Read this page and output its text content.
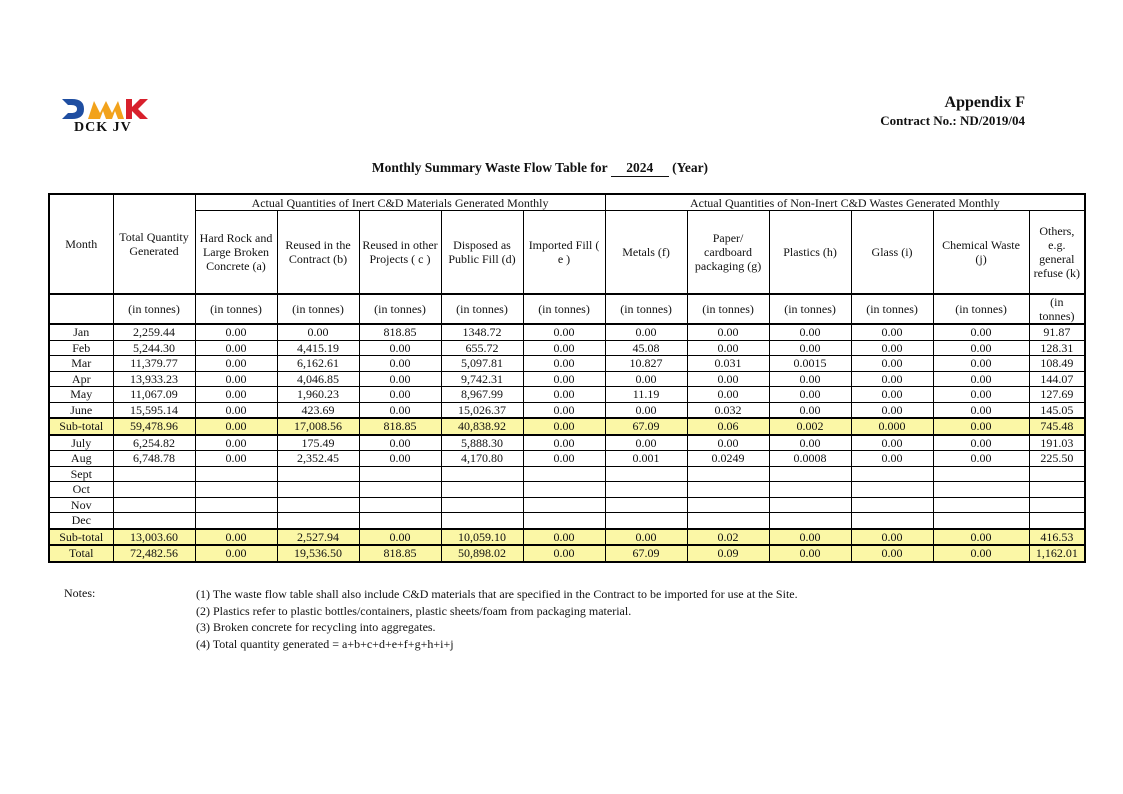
DCK JV
Appendix F
Contract No.: ND/2019/04
Monthly Summary Waste Flow Table for 2024 (Year)
Month	Total Quantity Generated	Actual Quantities of Inert C&D Materials Generated Monthly					Actual Quantities of Non-Inert C&D Wastes Generated Monthly					
		Hard Rock and Large Broken Concrete (a)	Reused in the Contract (b)	Reused in other Projects ( c )	Disposed as Public Fill (d)	Imported Fill ( e )	Metals (f)	Paper/ cardboard packaging (g)	Plastics (h)	Glass (i)	Chemical Waste (j)	Others, e.g. general refuse (k)
	(in tonnes)	(in tonnes)	(in tonnes)	(in tonnes)	(in tonnes)	(in tonnes)	(in tonnes)	(in tonnes)	(in tonnes)	(in tonnes)	(in tonnes)	(in tonnes)
Jan	2,259.44	0.00	0.00	818.85	1348.72	0.00	0.00	0.00	0.00	0.00	0.00	91.87
Feb	5,244.30	0.00	4,415.19	0.00	655.72	0.00	45.08	0.00	0.00	0.00	0.00	128.31
Mar	11,379.77	0.00	6,162.61	0.00	5,097.81	0.00	10.827	0.031	0.0015	0.00	0.00	108.49
Apr	13,933.23	0.00	4,046.85	0.00	9,742.31	0.00	0.00	0.00	0.00	0.00	0.00	144.07
May	11,067.09	0.00	1,960.23	0.00	8,967.99	0.00	11.19	0.00	0.00	0.00	0.00	127.69
June	15,595.14	0.00	423.69	0.00	15,026.37	0.00	0.00	0.032	0.00	0.00	0.00	145.05
Sub-total	59,478.96	0.00	17,008.56	818.85	40,838.92	0.00	67.09	0.06	0.002	0.000	0.00	745.48
July	6,254.82	0.00	175.49	0.00	5,888.30	0.00	0.00	0.00	0.00	0.00	0.00	191.03
Aug	6,748.78	0.00	2,352.45	0.00	4,170.80	0.00	0.001	0.0249	0.0008	0.00	0.00	225.50
Sept												
Oct												
Nov												
Dec												
Sub-total	13,003.60	0.00	2,527.94	0.00	10,059.10	0.00	0.00	0.02	0.00	0.00	0.00	416.53
Total	72,482.56	0.00	19,536.50	818.85	50,898.02	0.00	67.09	0.09	0.00	0.00	0.00	1,162.01
Notes:	(1) The waste flow table shall also include C&D materials that are specified in the Contract to be imported for use at the Site.
(2) Plastics refer to plastic bottles/containers, plastic sheets/foam from packaging material.
(3) Broken concrete for recycling into aggregates.
(4) Total quantity generated = a+b+c+d+e+f+g+h+i+j
